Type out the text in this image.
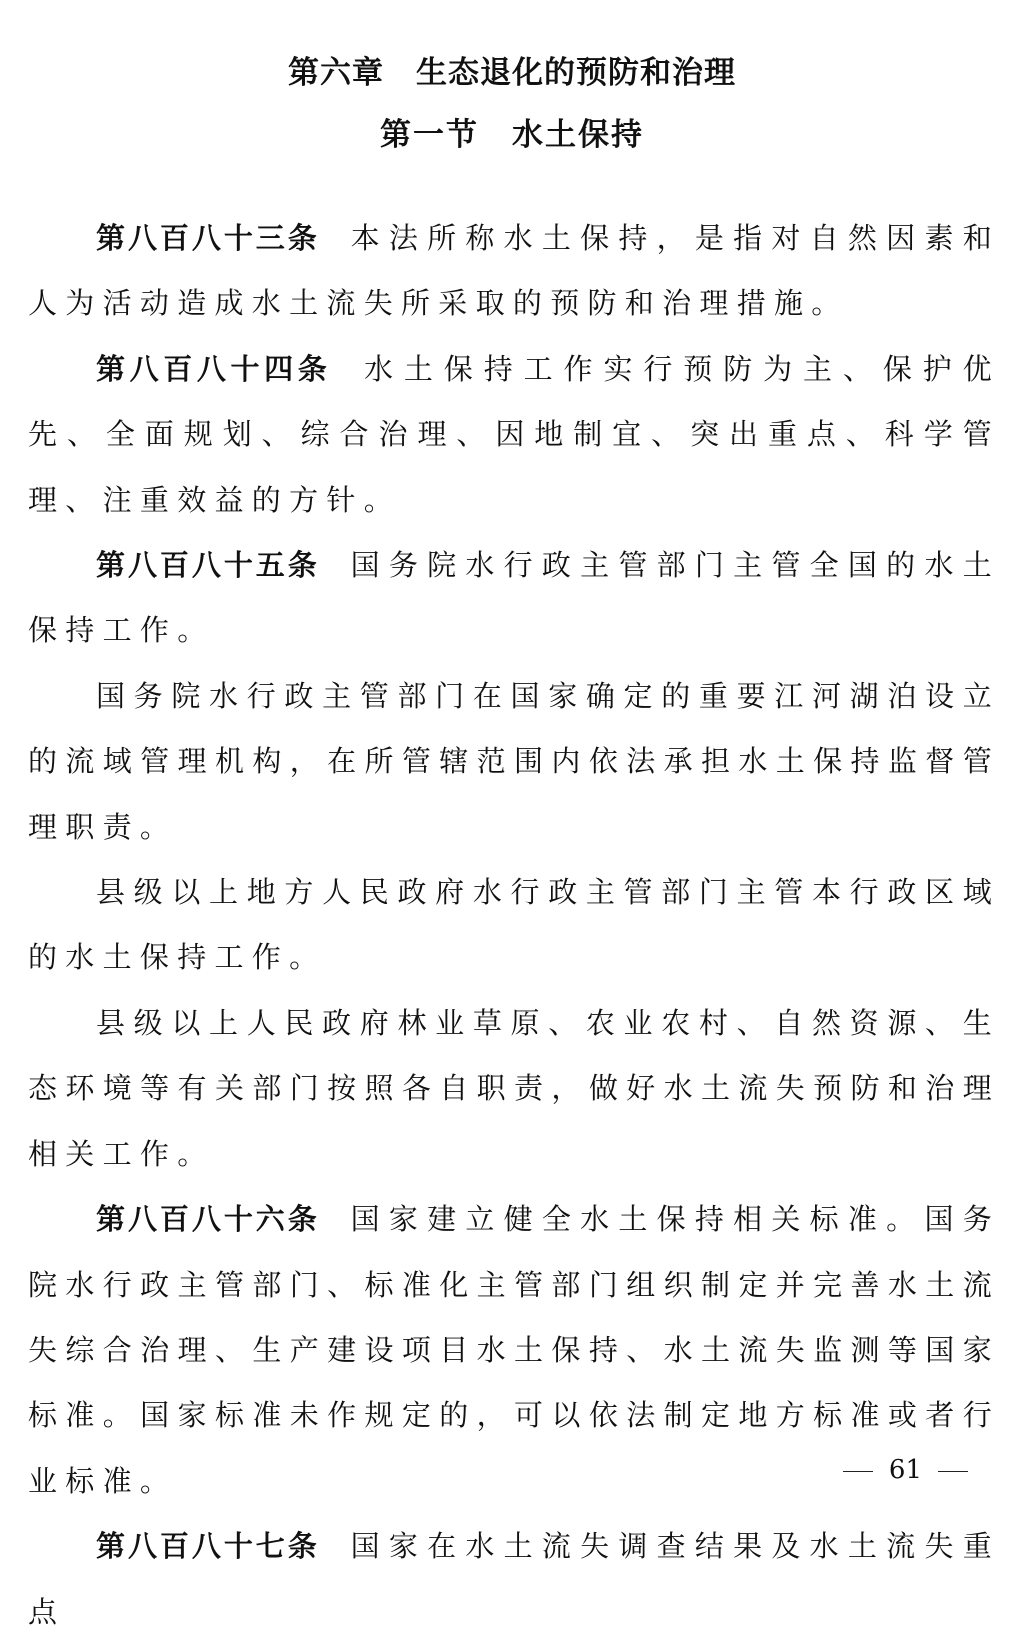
第六章　生态退化的预防和治理
第一节　水土保持

第八百八十三条 本法所称水土保持，是指对自然因素和人为活动造成水土流失所采取的预防和治理措施。

第八百八十四条 水土保持工作实行预防为主、保护优先、全面规划、综合治理、因地制宜、突出重点、科学管理、注重效益的方针。

第八百八十五条 国务院水行政主管部门主管全国的水土保持工作。

国务院水行政主管部门在国家确定的重要江河湖泊设立的流域管理机构，在所管辖范围内依法承担水土保持监督管理职责。

县级以上地方人民政府水行政主管部门主管本行政区域的水土保持工作。

县级以上人民政府林业草原、农业农村、自然资源、生态环境等有关部门按照各自职责，做好水土流失预防和治理相关工作。

第八百八十六条 国家建立健全水土保持相关标准。国务院水行政主管部门、标准化主管部门组织制定并完善水土流失综合治理、生产建设项目水土保持、水土流失监测等国家标准。国家标准未作规定的，可以依法制定地方标准或者行业标准。

第八百八十七条 国家在水土流失调查结果及水土流失重点

61
